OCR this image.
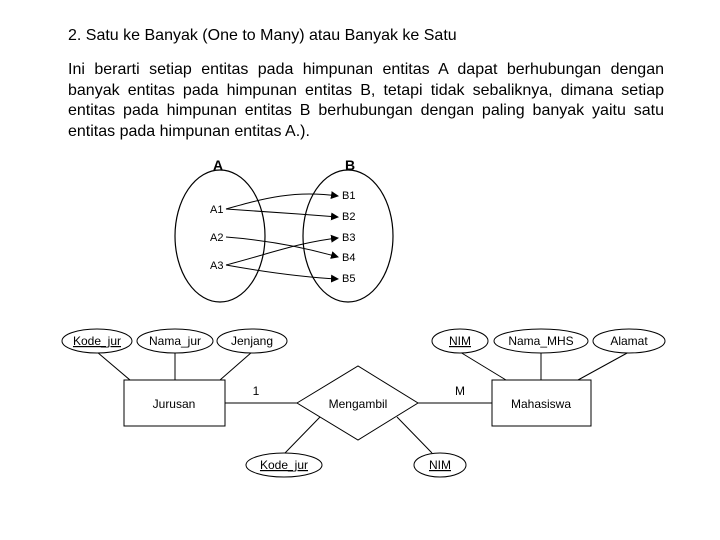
2. Satu ke Banyak (One to Many) atau Banyak ke Satu
Ini berarti setiap entitas pada himpunan entitas A dapat berhubungan dengan banyak entitas pada himpunan entitas B, tetapi tidak sebaliknya, dimana setiap entitas pada himpunan entitas B berhubungan dengan paling banyak yaitu satu entitas pada himpunan entitas A.).
A	B
A1
A2
A3
B1
B2
B3
B4
B5
Kode_jur Nama_jur Jenjang	NIM	Nama_MHS	Alamat
Kode_jur	NIM
Jurusan	Mahasiswa
Mengambil
1	M
